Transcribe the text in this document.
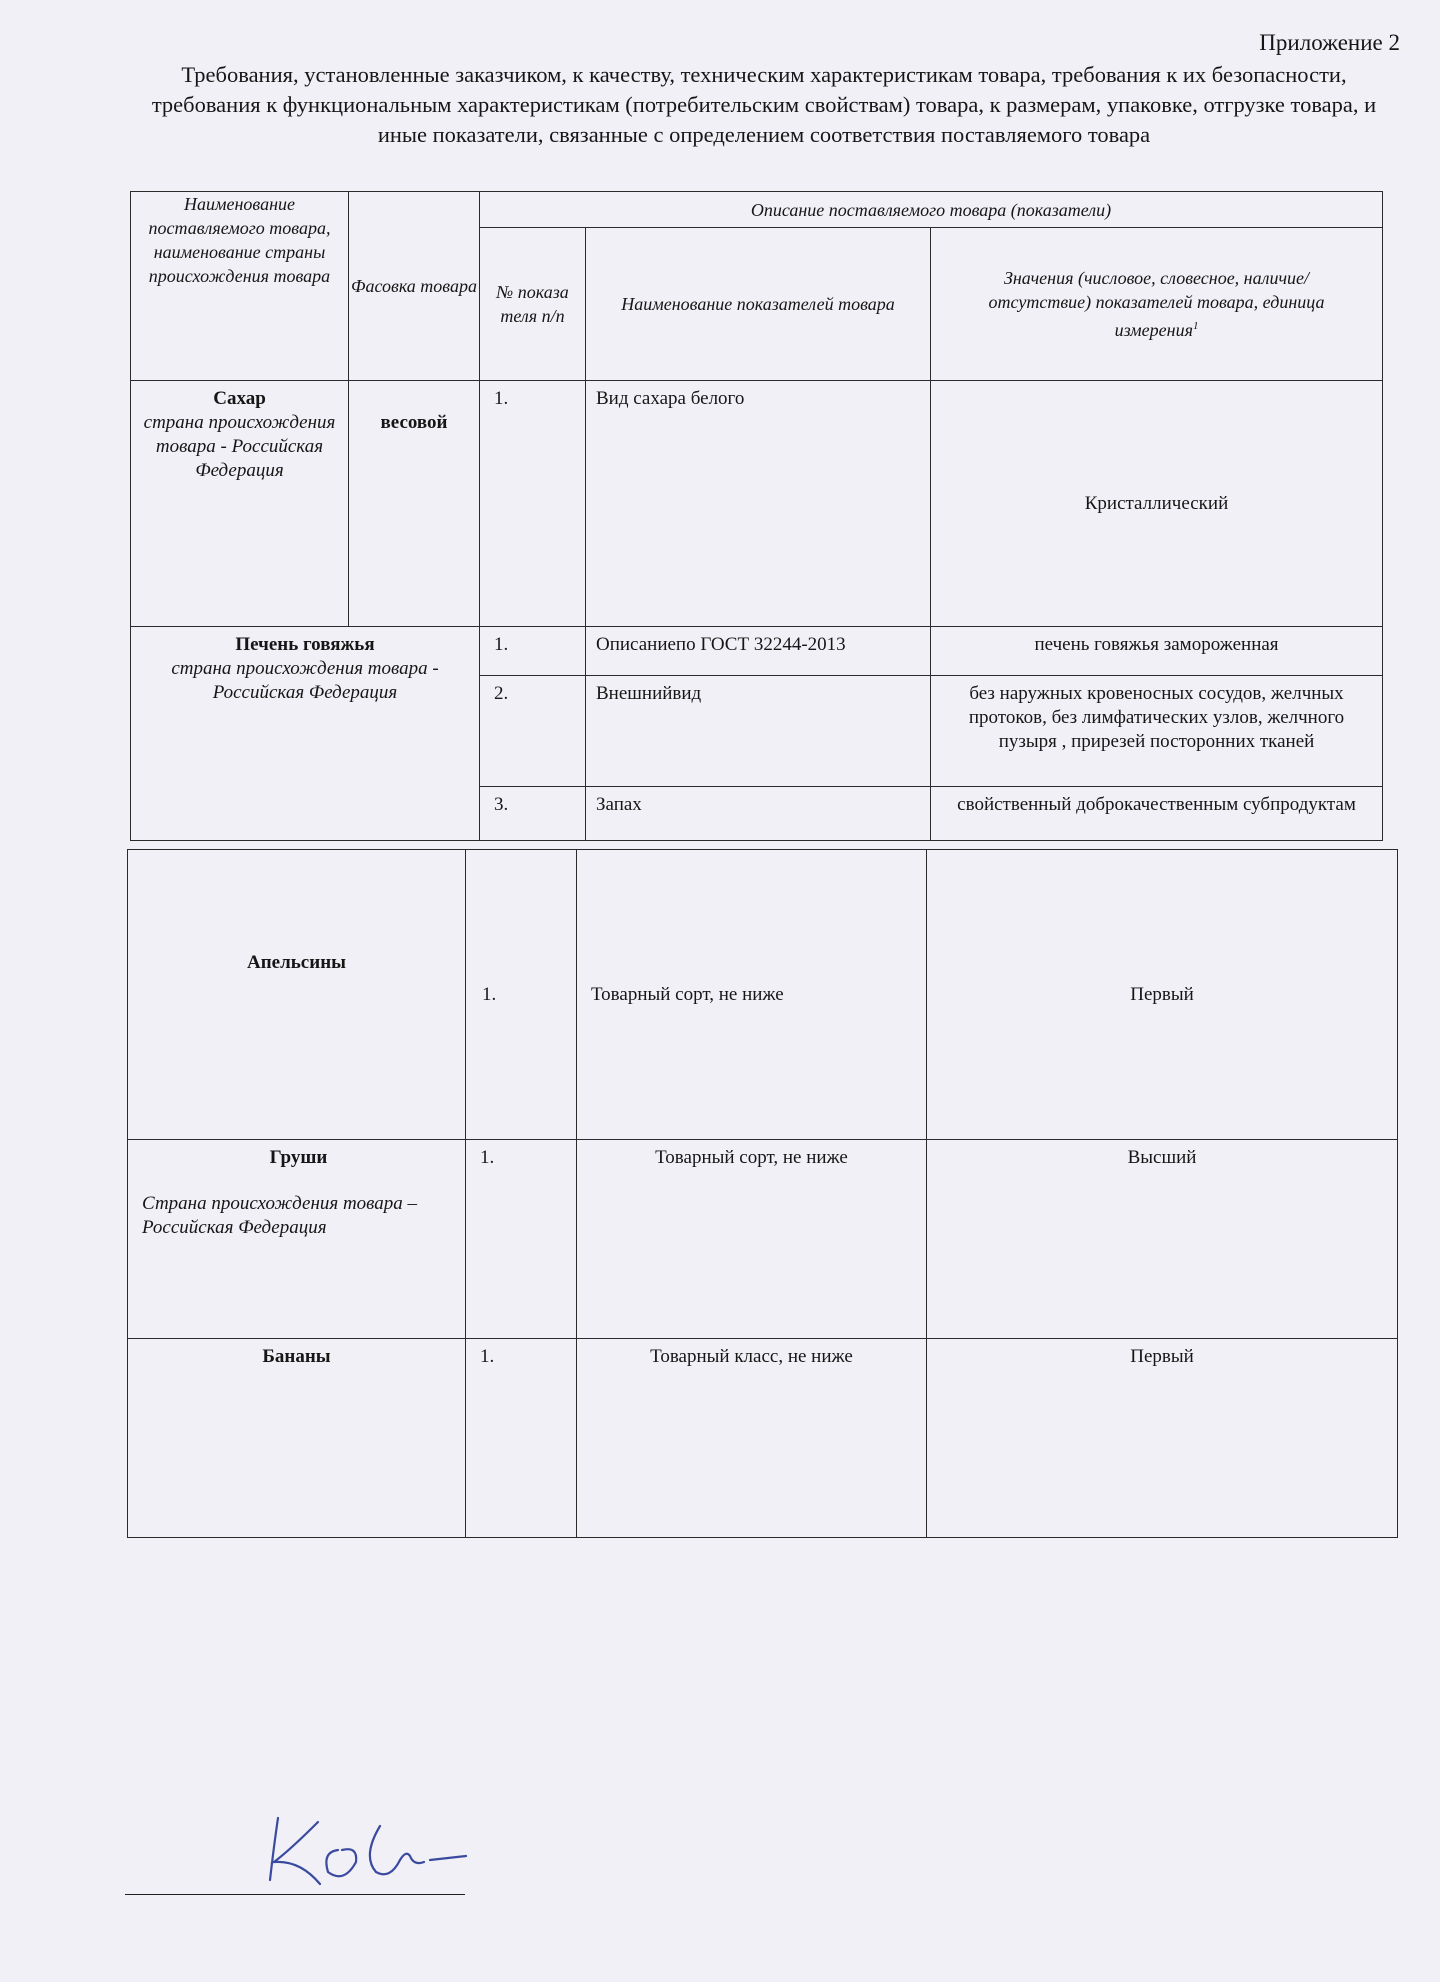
Приложение 2

Требования, установленные заказчиком, к качеству, техническим характеристикам товара, требования к их безопасности, требования к функциональным характеристикам (потребительским свойствам) товара, к размерам, упаковке, отгрузке товара, и иные показатели, связанные с определением соответствия поставляемого товара

Наименование поставляемого товара, наименование страны происхождения товара	Фасовка товара	Описание поставляемого товара (показатели)		
		№ показа теля п/п	Наименование показателей товара	Значения (числовое, словесное, наличие/отсутствие) показателей товара, единица измерения$^1$

Сахар
страна происхождения товара - Российская Федерация	весовой	1.	Вид сахара белого	Кристаллический

Печень говяжья
страна происхождения товара - Российская Федерация		1.	Описаниепо ГОСТ 32244-2013	печень говяжья замороженная
		2.	Внешнийвид	без наружных кровеносных сосудов, желчных протоков, без лимфатических узлов, желчного пузыря , прирезей посторонних тканей
		3.	Запах	свойственный доброкачественным субпродуктам
Апельсины	1.	Товарный сорт, не ниже	Первый

Груши
Страна происхождения товара – Российская Федерация	1.	Товарный сорт, не ниже	Высший
Бананы	1.	Товарный класс, не ниже	Первый
